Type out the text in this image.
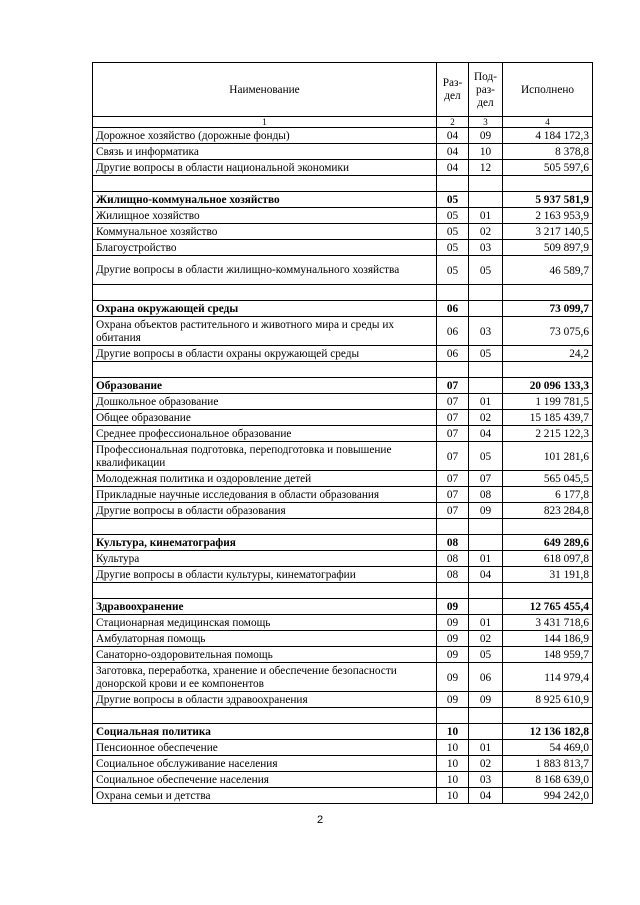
Наименование	Раз-дел	Под-раз-дел	Исполнено
1	2	3	4
Дорожное хозяйство (дорожные фонды)	04	09	4 184 172,3
Связь и информатика	04	10	8 378,8
Другие вопросы в области национальной экономики	04	12	505 597,6

Жилищно-коммунальное хозяйство	05		5 937 581,9
Жилищное хозяйство	05	01	2 163 953,9
Коммунальное хозяйство	05	02	3 217 140,5
Благоустройство	05	03	509 897,9
Другие вопросы в области жилищно-коммунального хозяйства	05	05	46 589,7

Охрана окружающей среды	06		73 099,7
Охрана объектов растительного и животного мира и среды их обитания	06	03	73 075,6
Другие вопросы в области охраны окружающей среды	06	05	24,2

Образование	07		20 096 133,3
Дошкольное образование	07	01	1 199 781,5
Общее образование	07	02	15 185 439,7
Среднее профессиональное образование	07	04	2 215 122,3
Профессиональная подготовка, переподготовка и повышение квалификации	07	05	101 281,6
Молодежная политика и оздоровление детей	07	07	565 045,5
Прикладные научные исследования в области образования	07	08	6 177,8
Другие вопросы в области образования	07	09	823 284,8

Культура, кинематография	08		649 289,6
Культура	08	01	618 097,8
Другие вопросы в области культуры, кинематографии	08	04	31 191,8

Здравоохранение	09		12 765 455,4
Стационарная медицинская помощь	09	01	3 431 718,6
Амбулаторная помощь	09	02	144 186,9
Санаторно-оздоровительная помощь	09	05	148 959,7
Заготовка, переработка, хранение и обеспечение безопасности донорской крови и ее компонентов	09	06	114 979,4
Другие вопросы в области здравоохранения	09	09	8 925 610,9

Социальная политика	10		12 136 182,8
Пенсионное обеспечение	10	01	54 469,0
Социальное обслуживание населения	10	02	1 883 813,7
Социальное обеспечение населения	10	03	8 168 639,0
Охрана семьи и детства	10	04	994 242,0
2
